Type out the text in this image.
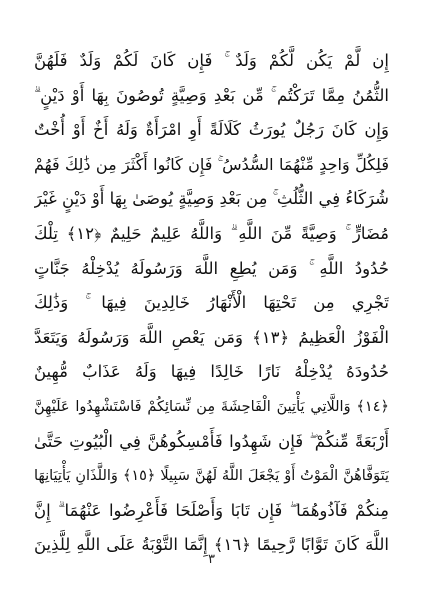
إِن لَّمْ يَكُن لَّكُمْ وَلَدٌ ۚ فَإِن كَانَ لَكُمْ وَلَدٌ فَلَهُنَّ
الثُّمُنُ مِمَّا تَرَكْتُم ۚ مِّن بَعْدِ وَصِيَّةٍ تُوصُونَ بِهَا أَوْ دَيْنٍ ۗ
وَإِن كَانَ رَجُلٌ يُورَثُ كَلَالَةً أَوِ امْرَأَةٌ وَلَهُ أَخٌ أَوْ أُخْتٌ
فَلِكُلِّ وَاحِدٍ مِّنْهُمَا السُّدُسُ ۚ فَإِن كَانُوا أَكْثَرَ مِن ذَٰلِكَ فَهُمْ
شُرَكَاءُ فِي الثُّلُثِ ۚ مِن بَعْدِ وَصِيَّةٍ يُوصَىٰ بِهَا أَوْ دَيْنٍ غَيْرَ
مُضَارٍّ ۚ وَصِيَّةً مِّنَ اللَّهِ ۗ وَاللَّهُ عَلِيمٌ حَلِيمٌ ﴿١٢﴾ تِلْكَ
حُدُودُ اللَّهِ ۚ وَمَن يُطِعِ اللَّهَ وَرَسُولَهُ يُدْخِلْهُ جَنَّاتٍ
تَجْرِي مِن تَحْتِهَا الْأَنْهَارُ خَالِدِينَ فِيهَا ۚ وَذَٰلِكَ
الْفَوْزُ الْعَظِيمُ ﴿١٣﴾ وَمَن يَعْصِ اللَّهَ وَرَسُولَهُ وَيَتَعَدَّ
حُدُودَهُ يُدْخِلْهُ نَارًا خَالِدًا فِيهَا وَلَهُ عَذَابٌ مُّهِينٌ
﴿١٤﴾ وَاللَّاتِي يَأْتِينَ الْفَاحِشَةَ مِن نِّسَائِكُمْ فَاسْتَشْهِدُوا عَلَيْهِنَّ
أَرْبَعَةً مِّنكُمْ ۖ فَإِن شَهِدُوا فَأَمْسِكُوهُنَّ فِي الْبُيُوتِ حَتَّىٰ
يَتَوَفَّاهُنَّ الْمَوْتُ أَوْ يَجْعَلَ اللَّهُ لَهُنَّ سَبِيلًا ﴿١٥﴾ وَاللَّذَانِ يَأْتِيَانِهَا
مِنكُمْ فَآذُوهُمَا ۖ فَإِن تَابَا وَأَصْلَحَا فَأَعْرِضُوا عَنْهُمَا ۗ إِنَّ
اللَّهَ كَانَ تَوَّابًا رَّحِيمًا ﴿١٦﴾ إِنَّمَا التَّوْبَةُ عَلَى اللَّهِ لِلَّذِينَ
٣
